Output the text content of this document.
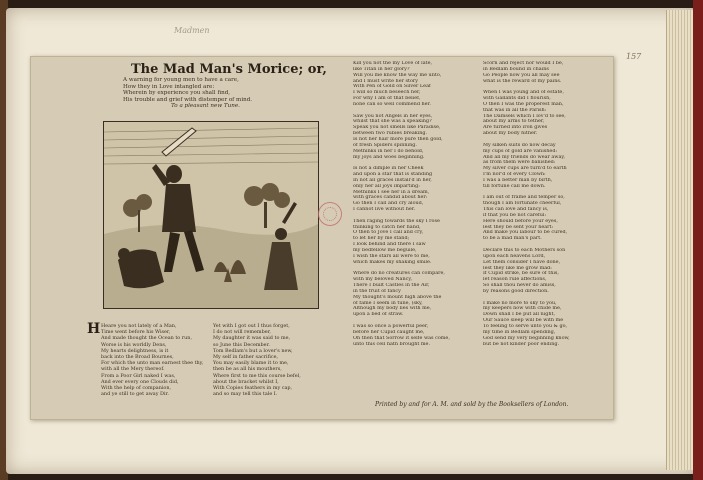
Madmen
157
The Mad Man's Morice; or,
A warning for young men to have a care,
How they in Love intangled are:
Wherein by experience you shall find,
His trouble and grief with distemper of mind.
To a pleasant new Tune.
H Heare you not lately of a Man,
Time went before his Wiser,
And made thought the Ocean to run,
Worse is his worldly Dens,
My hearts delightness, is it
back into the Broad Bournes,
For which the unto man earnest thee thy,
with all the Mery thereof.
From a Poor Girl naked I was,
And ever every one Clouds did,
With the help of companion,
and ye still to get away Dir.
Yet with I got out I thus forget,
I do not will remember,
My daughter it was said to me,
so June this December.
Tom Bedlam's but a lover's new,
My self in father sacrifice,
You may easily blame it to me,
then be as all his mouthers,
Where first to me this course befel,
about the bracket whilst I,
With Copies feathers in my cap,
and so may tell this tale I.
Kill you not the my Love of late,
like Titan in her glory?
Will you me know the way me unto,
and I must write her story
With Pen of Gold on Silver Leaf
I will so much beseech her,
For why I am of that belief,
none can so well commend her.
Saw you not Angels in her eyes,
whilst that she was a speaking?
Speak you not smells like Paradise,
between two rubies breaking.
Is not her hair more pure then gold,
of fresh Spiders spinning.
Methinks in her I do behold,
my joys and woes beginning.
Is not a dimple in her Cheek
and upon a star that is standing
In not all graces install'd in her,
only her all joys imparting:
Methinks I see her in a dream,
with graces candid about her:
Go then I call and cry aloud,
I cannot live without her.
Then raging towards the sky I rose
thinking to catch her hand,
O then to Jove I call and cry,
to let her by me stand;
I look behind and there I saw
my bedfellow me beguile,
I wish the stars all were to me,
which makes my shaking smile.
Where do no creatures can compare,
with my beloved Nancy,
There I built Castles in the Air,
in the fruit of fancy
My thought's mount high above the
of fame I seem in tune, (sky,
Although my body lies with me,
upon a bed of straw.
I was so once a powerful peer,
before her Cupid caught me,
Oh then that Sorrow it selfe was come,
unto this cell hath brought me.
Scorn and reject nor would I be,
in Bedlam bound in chains
Go People now you all may see
what is the reward of my pains.
When I was young and of estate,
with Gallants did I flourish,
O then I was the properest man,
that was in all the Parish:
The Damsels which I lov'd to see,
about my arms to tether,
Are turned into iron gives
about my body hither.
My silken suits do now decay
my cups of gold are vanished:
And all my friends do wear away,
as from them were banished:
My silver cups are turn'd to earth
I'm nor'd of every Clown:
I was a better man by birth,
till fortune call me down.
I am out of frame and temper so,
though I am fortunate cheerful,
This can love and fancy is,
if that you be not careful:
Here should before your eyes,
lest they be sent your heart:
And make you labour to be cured,
to be a mad man's part.
Declare this to each Mothers son
upon each heavens Lord,
Let them consider I have done,
lest they like me grow mad:
If Cupid strike, be sure of this,
let reason rule affections,
So shall thou never do amiss,
by reasons good direction.
I make no more to sky to you,
my keepers now with chide me,
Down shall I be put all night,
Our Sauce sleep will be with me
To feeling to serve unto you & go,
my time in Bedlam spending,
God send my very beginning know,
but be not kinder poor ending.
Printed by and for A. M. and sold by the Booksellers of London.
